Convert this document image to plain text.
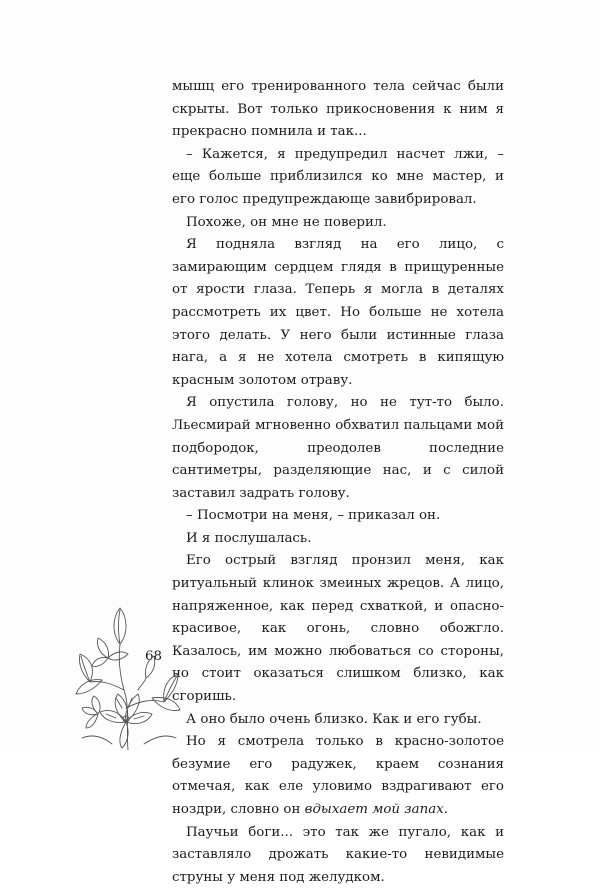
мышц его тренированного тела сейчас были скрыты. Вот только прикосновения к ним я прекрасно помнила и так...

– Кажется, я предупредил насчет лжи, – еще больше приблизился ко мне мастер, и его голос предупреждающе завибрировал.

Похоже, он мне не поверил.

Я подняла взгляд на его лицо, с замирающим сердцем глядя в прищуренные от ярости глаза. Теперь я могла в деталях рассмотреть их цвет. Но больше не хотела этого делать. У него были истинные глаза нага, а я не хотела смотреть в кипящую красным золотом отраву.

Я опустила голову, но не тут-то было. Льесмирай мгновенно обхватил пальцами мой подбородок, преодолев последние сантиметры, разделяющие нас, и с силой заставил задрать голову.

– Посмотри на меня, – приказал он.

И я послушалась.

Его острый взгляд пронзил меня, как ритуальный клинок змеиных жрецов. А лицо, напряженное, как перед схваткой, и опасно-красивое, как огонь, словно обожгло. Казалось, им можно любоваться со стороны, но стоит оказаться слишком близко, как сгоришь.

А оно было очень близко. Как и его губы.

Но я смотрела только в красно-золотое безумие его радужек, краем сознания отмечая, как еле уловимо вздрагивают его ноздри, словно он вдыхает мой запах.

Паучьи боги... это так же пугало, как и заставляло дрожать какие-то невидимые струны у меня под желудком.

68
